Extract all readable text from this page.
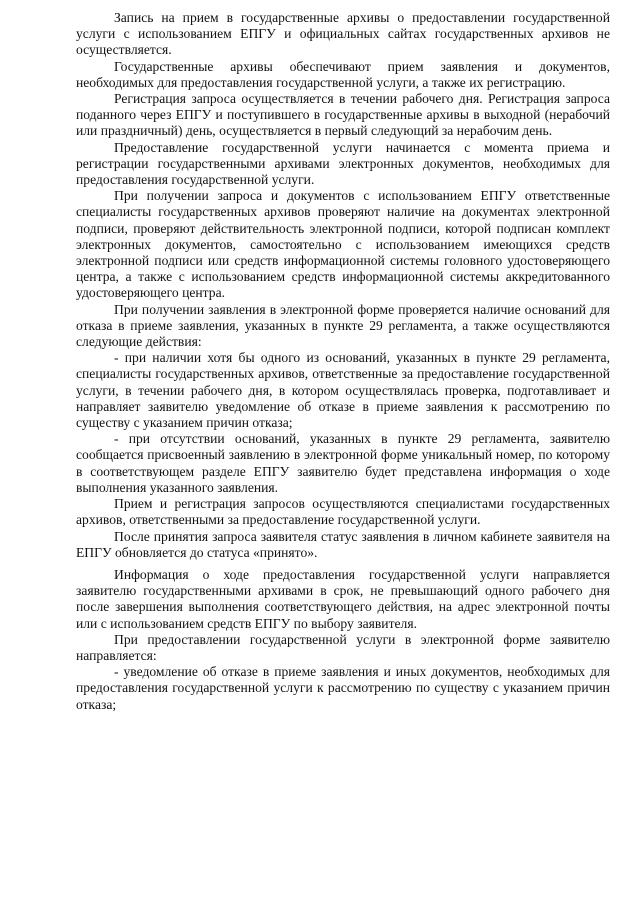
Запись на прием в государственные архивы о предоставлении государственной услуги с использованием ЕПГУ и официальных сайтах государственных архивов не осуществляется.

Государственные архивы обеспечивают прием заявления и документов, необходимых для предоставления государственной услуги, а также их регистрацию.

Регистрация запроса осуществляется в течении рабочего дня. Регистрация запроса поданного через ЕПГУ и поступившего в государственные архивы в выходной (нерабочий или праздничный) день, осуществляется в первый следующий за нерабочим день.

Предоставление государственной услуги начинается с момента приема и регистрации государственными архивами электронных документов, необходимых для предоставления государственной услуги.

При получении запроса и документов с использованием ЕПГУ ответственные специалисты государственных архивов проверяют наличие на документах электронной подписи, проверяют действительность электронной подписи, которой подписан комплект электронных документов, самостоятельно с использованием имеющихся средств электронной подписи или средств информационной системы головного удостоверяющего центра, а также с использованием средств информационной системы аккредитованного удостоверяющего центра.

При получении заявления в электронной форме проверяется наличие оснований для отказа в приеме заявления, указанных в пункте 29 регламента, а также осуществляются следующие действия:

- при наличии хотя бы одного из оснований, указанных в пункте 29 регламента, специалисты государственных архивов, ответственные за предоставление государственной услуги, в течении рабочего дня, в котором осуществлялась проверка, подготавливает и направляет заявителю уведомление об отказе в приеме заявления к рассмотрению по существу с указанием причин отказа;

- при отсутствии оснований, указанных в пункте 29 регламента, заявителю сообщается присвоенный заявлению в электронной форме уникальный номер, по которому в соответствующем разделе ЕПГУ заявителю будет представлена информация о ходе выполнения указанного заявления.

Прием и регистрация запросов осуществляются специалистами государственных архивов, ответственными за предоставление государственной услуги.

После принятия запроса заявителя статус заявления в личном кабинете заявителя на ЕПГУ обновляется до статуса «принято».

Информация о ходе предоставления государственной услуги направляется заявителю государственными архивами в срок, не превышающий одного рабочего дня после завершения выполнения соответствующего действия, на адрес электронной почты или с использованием средств ЕПГУ по выбору заявителя.

При предоставлении государственной услуги в электронной форме заявителю направляется:

- уведомление об отказе в приеме заявления и иных документов, необходимых для предоставления государственной услуги к рассмотрению по существу с указанием причин отказа;
